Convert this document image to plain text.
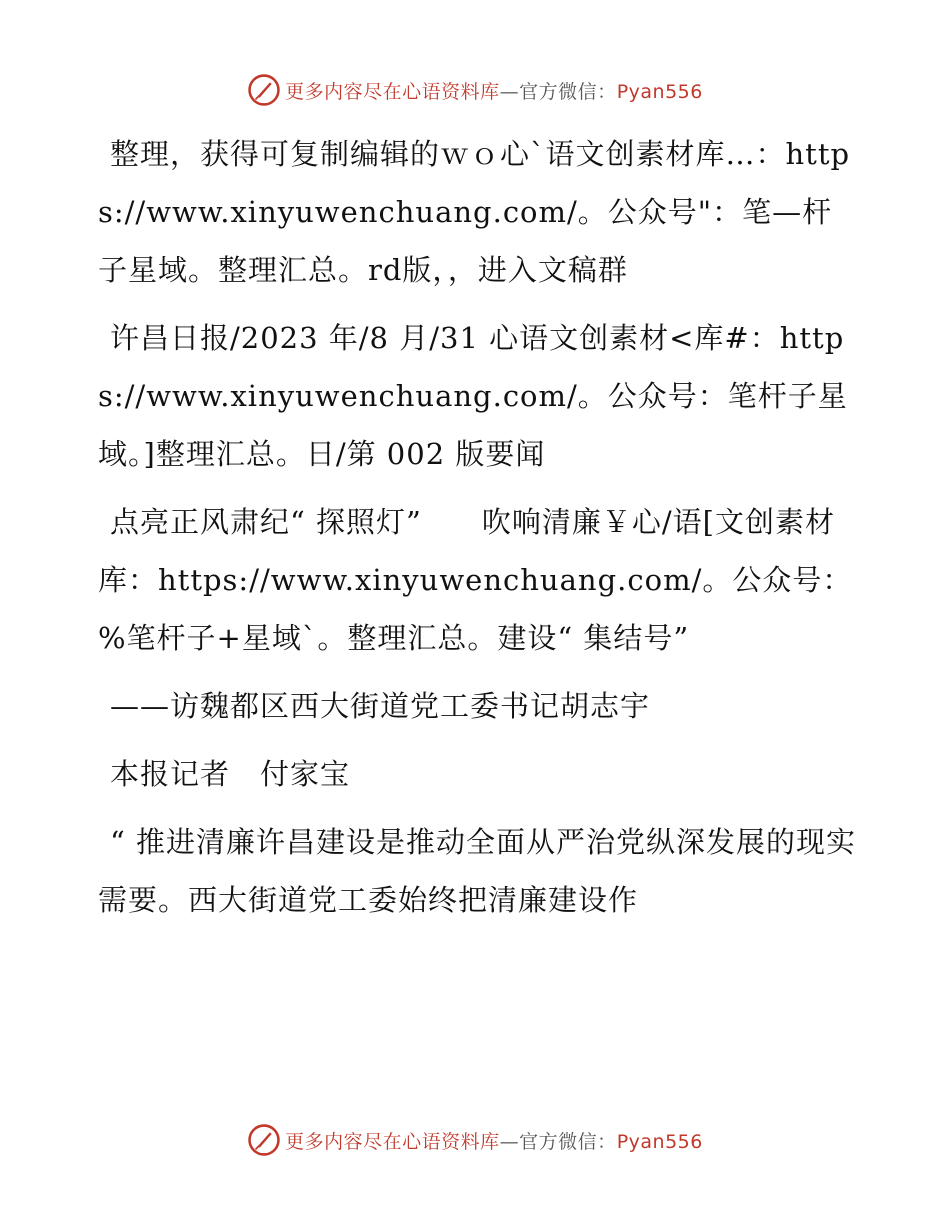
更多内容尽在心语资料库—官方微信：Pyan556

整理，获得可复制编辑的ｗｏ心`语文创素材库…：https://www.xinyuwenchuang.com/。公众号"：笔—杆子星域。整理汇总。rd版，，进入文稿群

许昌日报/2023 年/8 月/31 心语文创素材<库#：https://www.xinyuwenchuang.com/。公众号：笔杆子星域。]整理汇总。日/第 002 版要闻

点亮正风肃纪“ 探照灯”　　吹响清廉￥心/语[文创素材库：https://www.xinyuwenchuang.com/。公众号：%笔杆子+星域`。整理汇总。建设“ 集结号”

——访魏都区西大街道党工委书记胡志宇

本报记者　付家宝

“ 推进清廉许昌建设是推动全面从严治党纵深发展的现实需要。西大街道党工委始终把清廉建设作

更多内容尽在心语资料库—官方微信：Pyan556
